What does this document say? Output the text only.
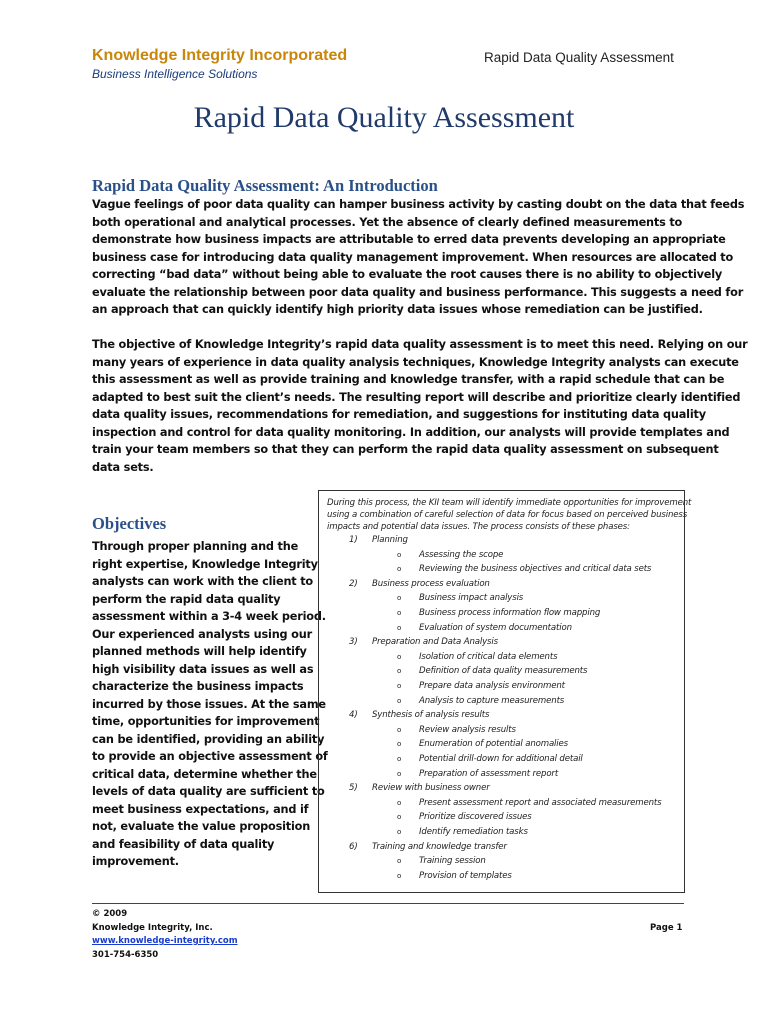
Knowledge Integrity Incorporated
Business Intelligence Solutions
Rapid Data Quality Assessment
Rapid Data Quality Assessment
Rapid Data Quality Assessment: An Introduction
Vague feelings of poor data quality can hamper business activity by casting doubt on the data that feeds
both operational and analytical processes. Yet the absence of clearly defined measurements to
demonstrate how business impacts are attributable to erred data prevents developing an appropriate
business case for introducing data quality management improvement. When resources are allocated to
correcting “bad data” without being able to evaluate the root causes there is no ability to objectively
evaluate the relationship between poor data quality and business performance. This suggests a need for
an approach that can quickly identify high priority data issues whose remediation can be justified.
The objective of Knowledge Integrity’s rapid data quality assessment is to meet this need. Relying on our
many years of experience in data quality analysis techniques, Knowledge Integrity analysts can execute
this assessment as well as provide training and knowledge transfer, with a rapid schedule that can be
adapted to best suit the client’s needs. The resulting report will describe and prioritize clearly identified
data quality issues, recommendations for remediation, and suggestions for instituting data quality
inspection and control for data quality monitoring. In addition, our analysts will provide templates and
train your team members so that they can perform the rapid data quality assessment on subsequent
data sets.
Objectives
Through proper planning and the
right expertise, Knowledge Integrity
analysts can work with the client to
perform the rapid data quality
assessment within a 3-4 week period.
Our experienced analysts using our
planned methods will help identify
high visibility data issues as well as
characterize the business impacts
incurred by those issues. At the same
time, opportunities for improvement
can be identified, providing an ability
to provide an objective assessment of
critical data, determine whether the
levels of data quality are sufficient to
meet business expectations, and if
not, evaluate the value proposition
and feasibility of data quality
improvement.
During this process, the KII team will identify immediate opportunities for improvement
using a combination of careful selection of data for focus based on perceived business
impacts and potential data issues. The process consists of these phases:
1) Planning
o Assessing the scope
o Reviewing the business objectives and critical data sets
2) Business process evaluation
o Business impact analysis
o Business process information flow mapping
o Evaluation of system documentation
3) Preparation and Data Analysis
o Isolation of critical data elements
o Definition of data quality measurements
o Prepare data analysis environment
o Analysis to capture measurements
4) Synthesis of analysis results
o Review analysis results
o Enumeration of potential anomalies
o Potential drill-down for additional detail
o Preparation of assessment report
5) Review with business owner
o Present assessment report and associated measurements
o Prioritize discovered issues
o Identify remediation tasks
6) Training and knowledge transfer
o Training session
o Provision of templates
© 2009
Knowledge Integrity, Inc.
www.knowledge-integrity.com
301-754-6350
Page 1
